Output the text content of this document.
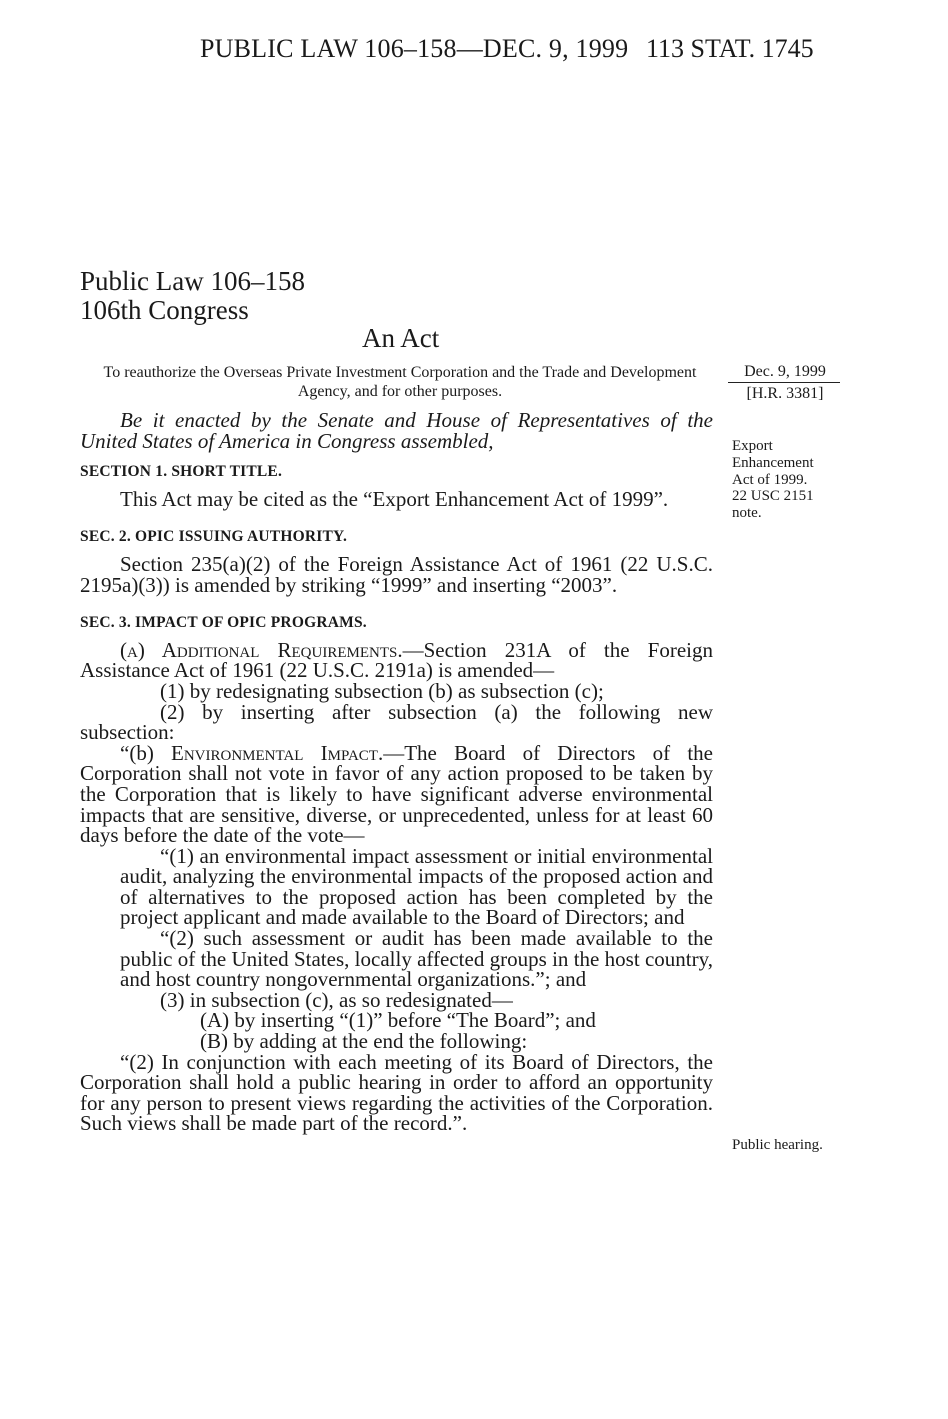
PUBLIC LAW 106–158—DEC. 9, 1999 113 STAT. 1745
Public Law 106–158
106th Congress
An Act
To reauthorize the Overseas Private Investment Corporation and the Trade and Development Agency, and for other purposes.
Dec. 9, 1999
[H.R. 3381]
Export
Enhancement
Act of 1999.
22 USC 2151
note.
Public hearing.

Be it enacted by the Senate and House of Representatives of the United States of America in Congress assembled,

SECTION 1. SHORT TITLE.

This Act may be cited as the “Export Enhancement Act of 1999”.

SEC. 2. OPIC ISSUING AUTHORITY.

Section 235(a)(2) of the Foreign Assistance Act of 1961 (22 U.S.C. 2195a)(3)) is amended by striking “1999” and inserting “2003”.

SEC. 3. IMPACT OF OPIC PROGRAMS.

(a) Additional Requirements.—Section 231A of the Foreign Assistance Act of 1961 (22 U.S.C. 2191a) is amended—

(1) by redesignating subsection (b) as subsection (c);

(2) by inserting after subsection (a) the following new subsection:

“(b) Environmental Impact.—The Board of Directors of the Corporation shall not vote in favor of any action proposed to be taken by the Corporation that is likely to have significant adverse environmental impacts that are sensitive, diverse, or unprecedented, unless for at least 60 days before the date of the vote—

“(1) an environmental impact assessment or initial environmental audit, analyzing the environmental impacts of the proposed action and of alternatives to the proposed action has been completed by the project applicant and made available to the Board of Directors; and

“(2) such assessment or audit has been made available to the public of the United States, locally affected groups in the host country, and host country nongovernmental organizations.”; and

(3) in subsection (c), as so redesignated—

(A) by inserting “(1)” before “The Board”; and

(B) by adding at the end the following:

“(2) In conjunction with each meeting of its Board of Directors, the Corporation shall hold a public hearing in order to afford an opportunity for any person to present views regarding the activities of the Corporation. Such views shall be made part of the record.”.
